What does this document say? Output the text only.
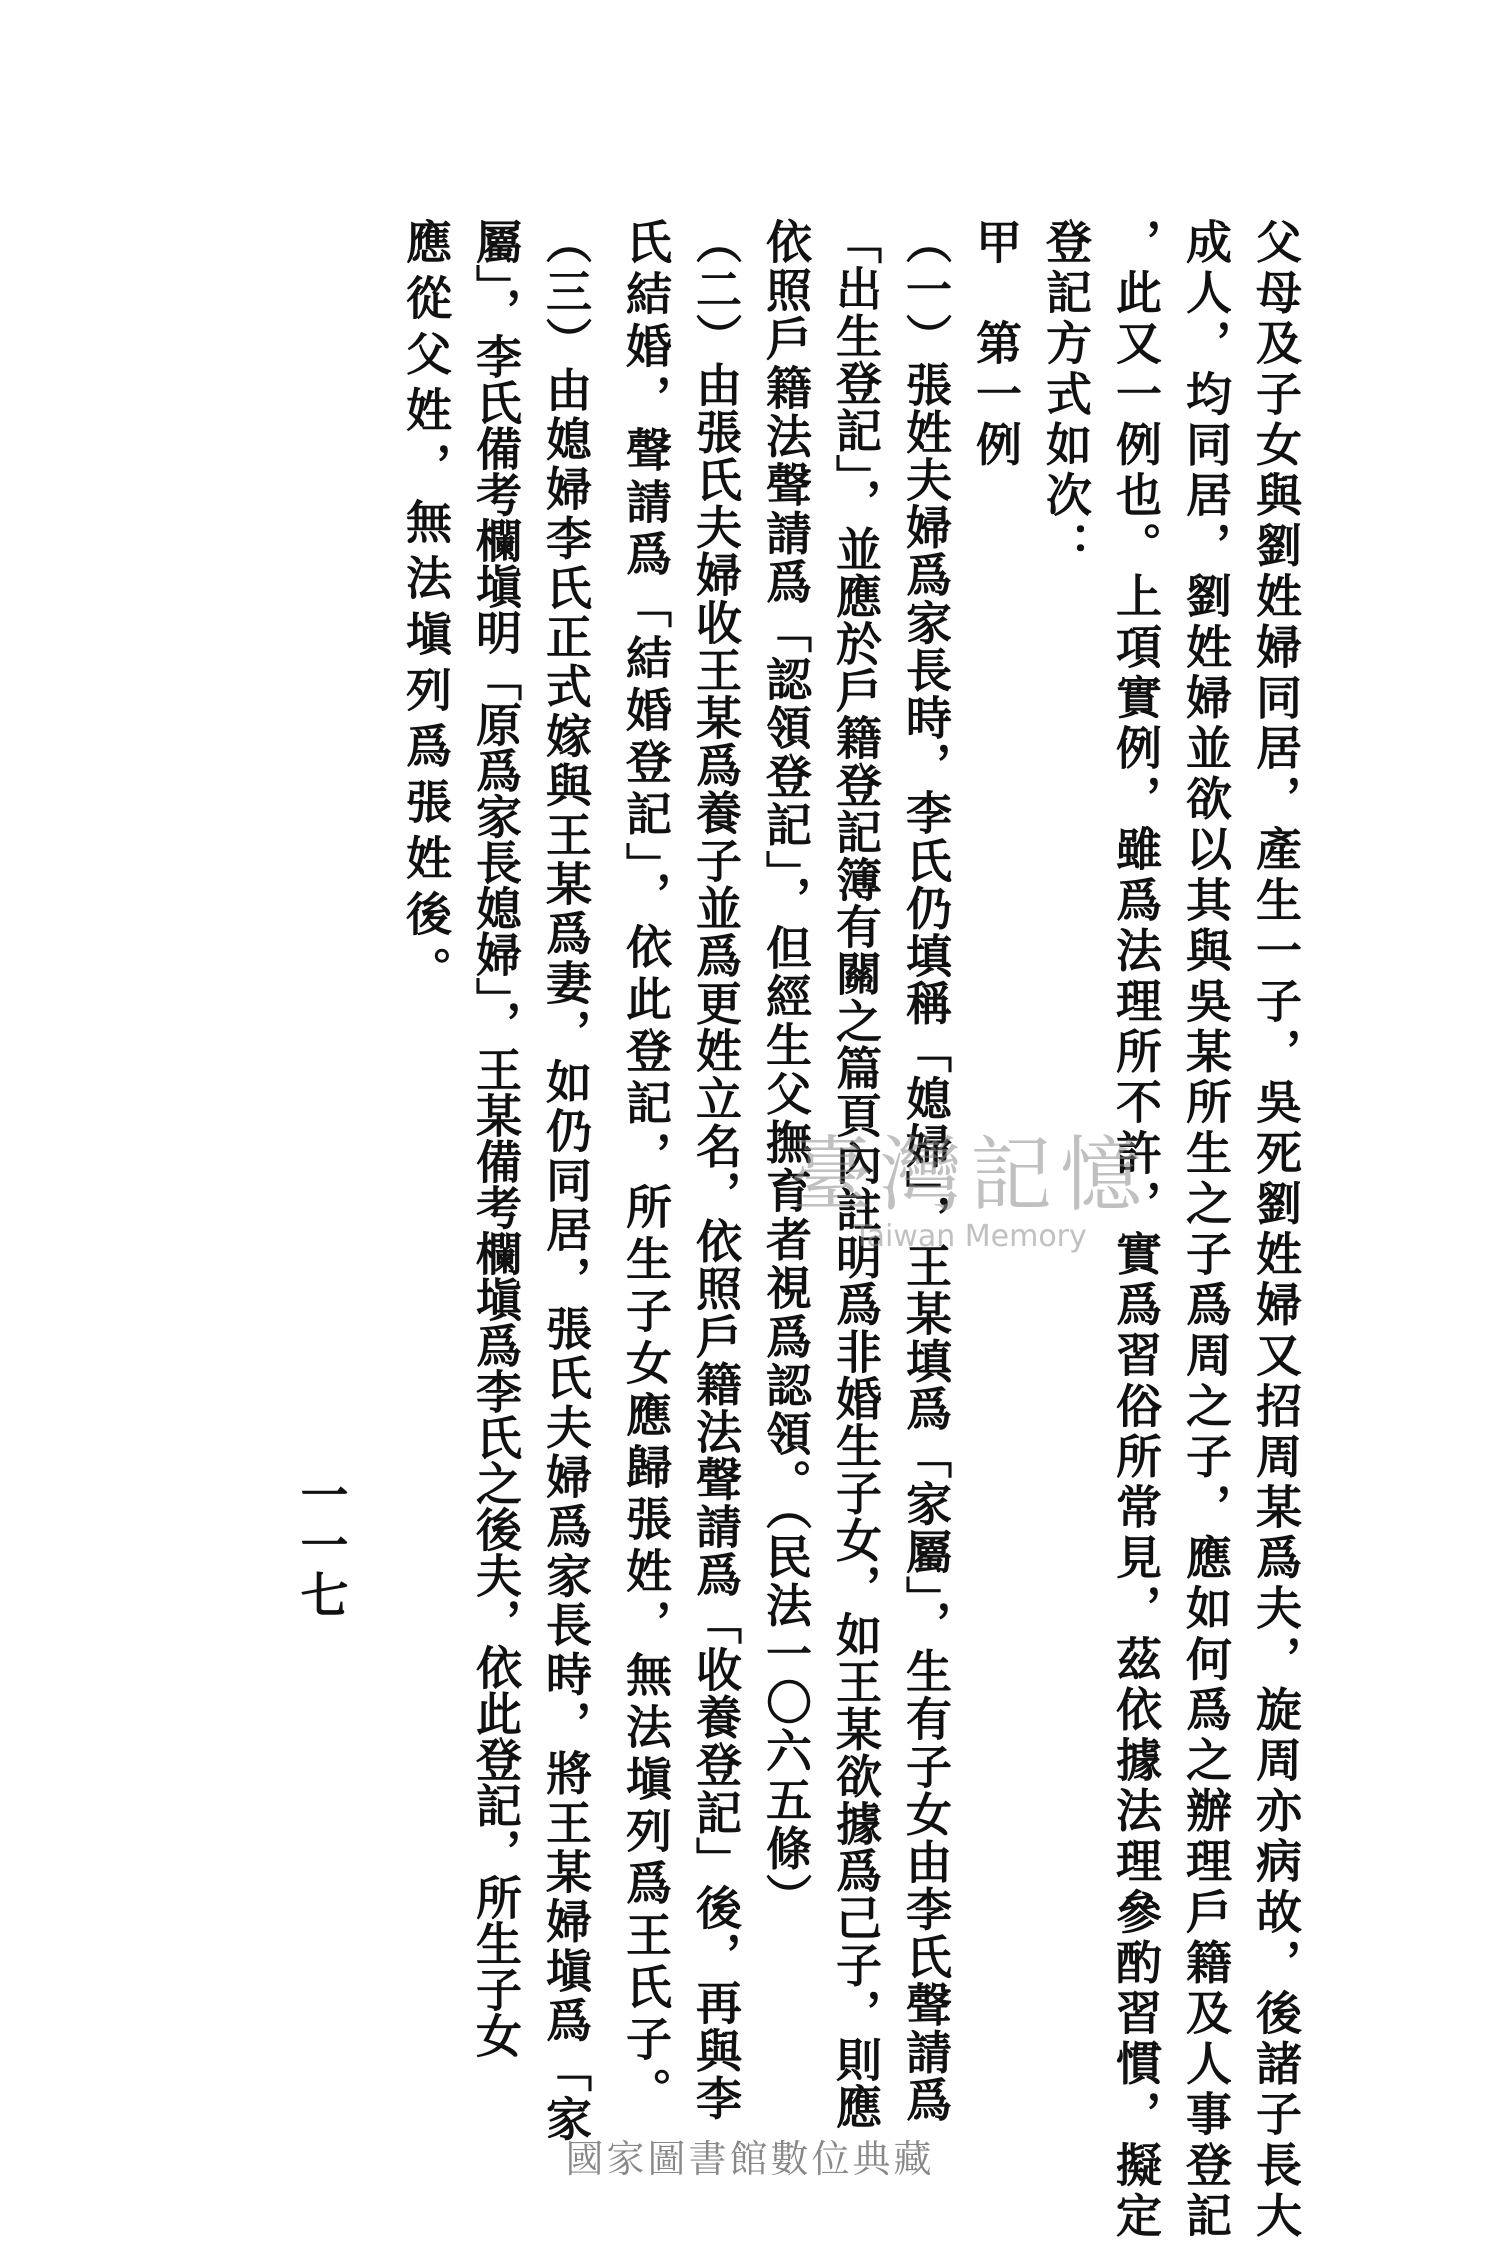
父母及子女與劉姓婦同居，產生一子，吳死劉姓婦又招周某爲夫，旋周亦病故，後諸子長大
成人，均同居，劉姓婦並欲以其與吳某所生之子爲周之子，應如何爲之辦理戶籍及人事登記
，此又一例也。上項實例，雖爲法理所不許，實爲習俗所常見，茲依據法理參酌習慣，擬定
登記方式如次：
甲　第一例
（一）張姓夫婦爲家長時，李氏仍填稱「媳婦」，王某填爲「家屬」，生有子女由李氏聲請爲
「出生登記」，並應於戶籍登記簿有關之篇頁內註明爲非婚生子女，如王某欲據爲己子，則應
依照戶籍法聲請爲「認領登記」，但經生父撫育者視爲認領。（民法一〇六五條）
（二）由張氏夫婦收王某爲養子並爲更姓立名，依照戶籍法聲請爲「收養登記」後，再與李
氏結婚，聲請爲「結婚登記」，依此登記，所生子女應歸張姓，無法塡列爲王氏子。
（三）由媳婦李氏正式嫁與王某爲妻，如仍同居，張氏夫婦爲家長時，將王某婦塡爲「家
屬」，李氏備考欄塡明「原爲家長媳婦」，王某備考欄塡爲李氏之後夫，依此登記，所生子女
應從父姓，無法塡列爲張姓後。
一一七
臺灣記憶
Taiwan Memory
國家圖書館數位典藏
